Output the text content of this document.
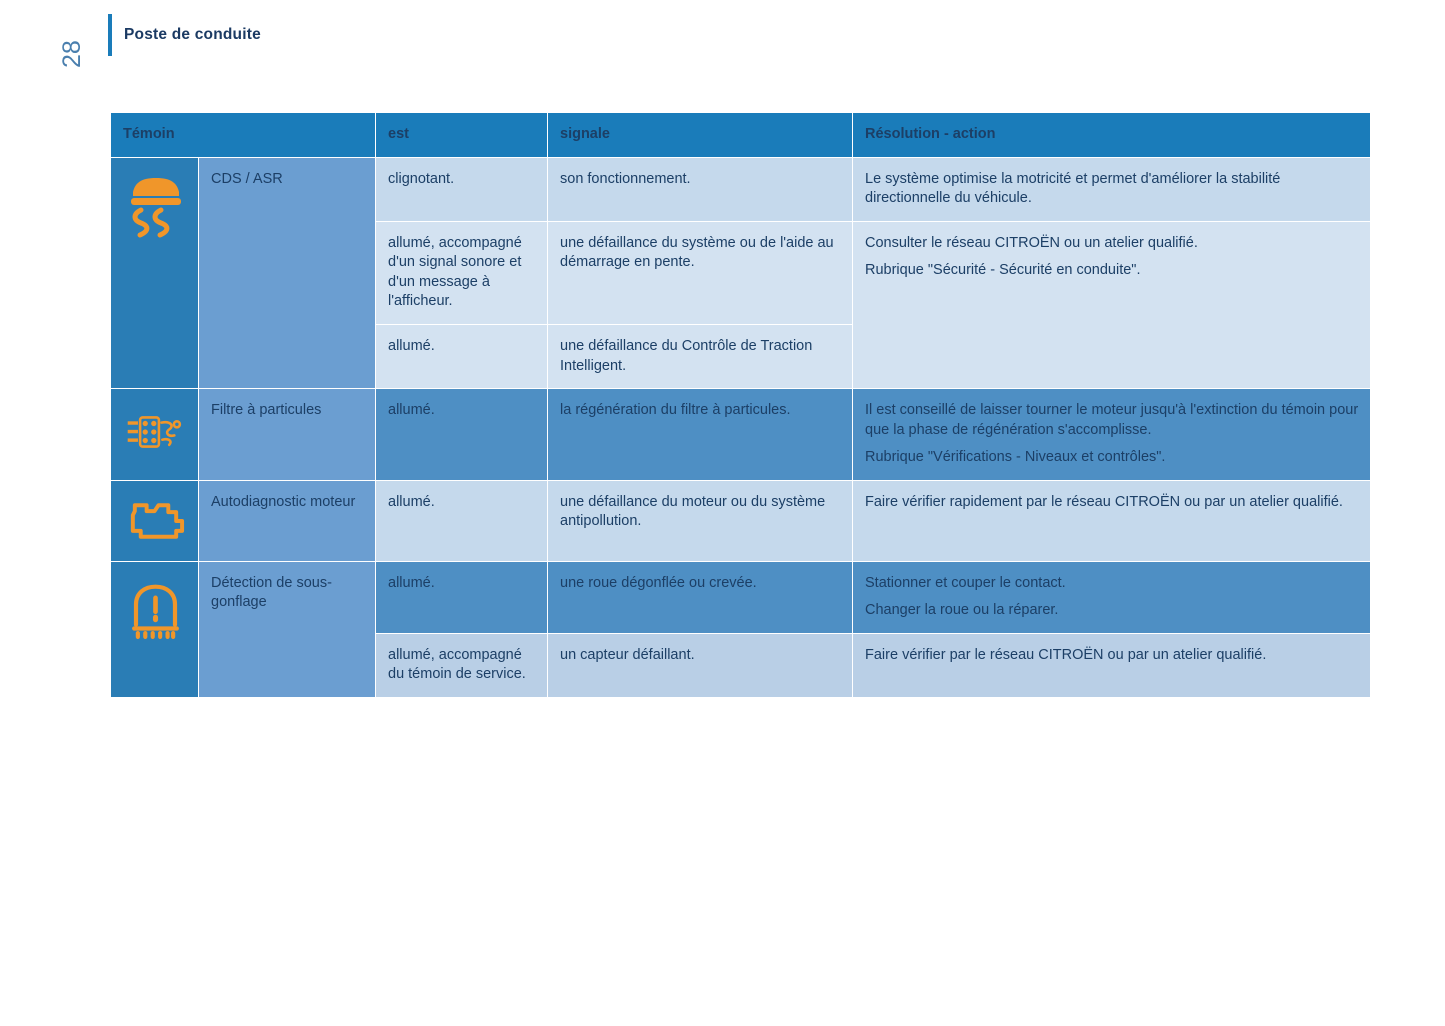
Poste de conduite
28
Témoin		est	signale	Résolution - action

	CDS / ASR	clignotant.	son fonctionnement.	Le système optimise la motricité et permet d'améliorer la stabilité directionnelle du véhicule.
		allumé, accompagné d'un signal sonore et d'un message à l'afficheur.	une défaillance du système ou de l'aide au démarrage en pente.	Consulter le réseau CITROËN ou un atelier qualifié.

Rubrique "Sécurité - Sécurité en conduite".

		allumé.	une défaillance du Contrôle de Traction Intelligent.	

	Filtre à particules	allumé.	la régénération du filtre à particules.	Il est conseillé de laisser tourner le moteur jusqu'à l'extinction du témoin pour que la phase de régénération s'accomplisse.

Rubrique "Vérifications - Niveaux et contrôles".

	Autodiagnostic moteur	allumé.	une défaillance du moteur ou du système antipollution.	Faire vérifier rapidement par le réseau CITROËN ou par un atelier qualifié.

	Détection de sous-gonflage	allumé.	une roue dégonflée ou crevée.	Stationner et couper le contact.

Changer la roue ou la réparer.

		allumé, accompagné du témoin de service.	un capteur défaillant.	Faire vérifier par le réseau CITROËN ou par un atelier qualifié.
